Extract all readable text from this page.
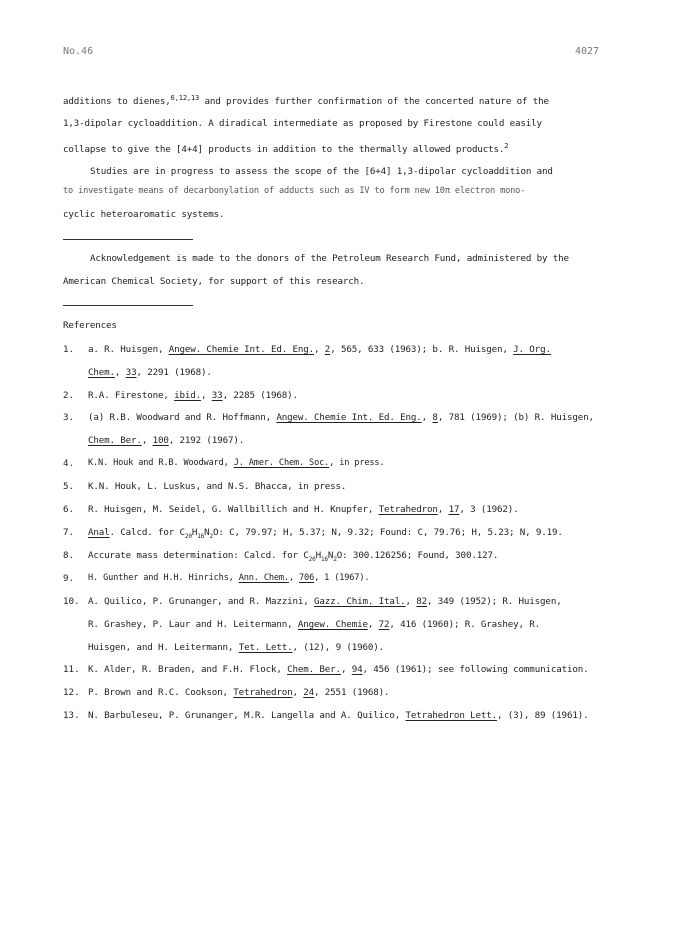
No.46	4027
additions to dienes,$^{6,12,13}$ and provides further confirmation of the concerted nature of the
1,3-dipolar cycloaddition. A diradical intermediate as proposed by Firestone could easily
collapse to give the [4+4] products in addition to the thermally allowed products.$^2$
Studies are in progress to assess the scope of the [6+4] 1,3-dipolar cycloaddition and
to investigate means of decarbonylation of adducts such as IV to form new 10π electron mono-
cyclic heteroaromatic systems.
Acknowledgement is made to the donors of the Petroleum Research Fund, administered by the
American Chemical Society, for support of this research.
References
1.	a. R. Huisgen, Angew. Chemie Int. Ed. Eng., 2, 565, 633 (1963); b. R. Huisgen, J. Org.
Chem., 33, 2291 (1968).
2.	R.A. Firestone, ibid., 33, 2285 (1968).
3.	(a) R.B. Woodward and R. Hoffmann, Angew. Chemie Int. Ed. Eng., 8, 781 (1969); (b) R. Huisgen,
Chem. Ber., 100, 2192 (1967).
4.	K.N. Houk and R.B. Woodward, J. Amer. Chem. Soc., in press.
5.	K.N. Houk, L. Luskus, and N.S. Bhacca, in press.
6.	R. Huisgen, M. Seidel, G. Wallbillich and H. Knupfer, Tetrahedron, 17, 3 (1962).
7.	Anal. Calcd. for $C_{20}H_{16}N_2O$: C, 79.97; H, 5.37; N, 9.32; Found: C, 79.76; H, 5.23; N, 9.19.
8.	Accurate mass determination: Calcd. for $C_{20}H_{16}N_2O$: 300.126256; Found, 300.127.
9.	H. Gunther and H.H. Hinrichs, Ann. Chem., 706, 1 (1967).
10. A. Quilico, P. Grunanger, and R. Mazzini, Gazz. Chim. Ital., 82, 349 (1952); R. Huisgen,
R. Grashey, P. Laur and H. Leitermann, Angew. Chemie, 72, 416 (1960); R. Grashey, R.
Huisgen, and H. Leitermann, Tet. Lett., (12), 9 (1960).
11. K. Alder, R. Braden, and F.H. Flock, Chem. Ber., 94, 456 (1961); see following communication.
12. P. Brown and R.C. Cookson, Tetrahedron, 24, 2551 (1968).
13. N. Barbuleseu, P. Grunanger, M.R. Langella and A. Quilico, Tetrahedron Lett., (3), 89 (1961).
